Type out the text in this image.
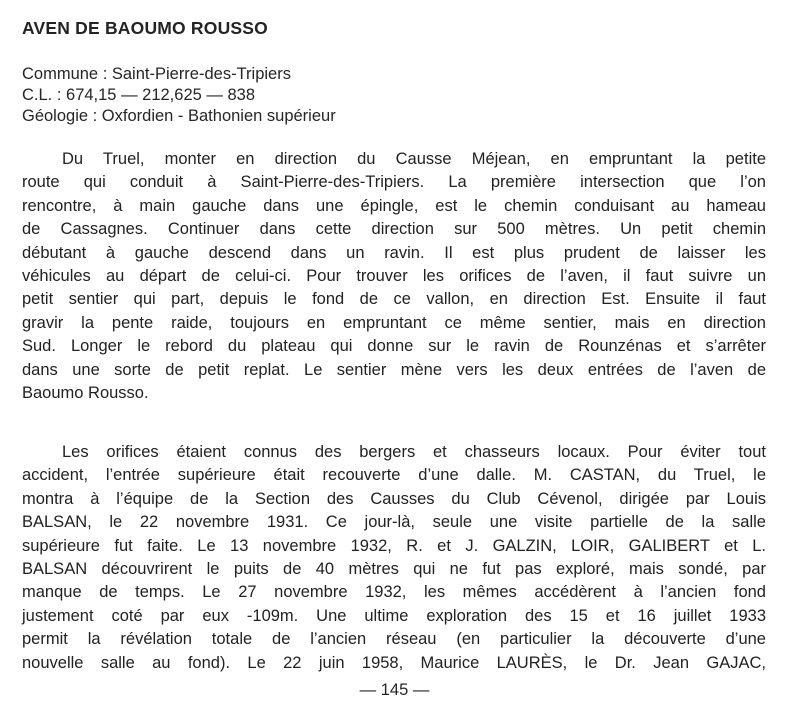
AVEN DE BAOUMO ROUSSO
Commune : Saint-Pierre-des-Tripiers
C.L. : 674,15 — 212,625 — 838
Géologie : Oxfordien - Bathonien supérieur
Du Truel, monter en direction du Causse Méjean, en empruntant la petite
route qui conduit à Saint-Pierre-des-Tripiers. La première intersection que l’on
rencontre, à main gauche dans une épingle, est le chemin conduisant au hameau
de Cassagnes. Continuer dans cette direction sur 500 mètres. Un petit chemin
débutant à gauche descend dans un ravin. Il est plus prudent de laisser les
véhicules au départ de celui-ci. Pour trouver les orifices de l’aven, il faut suivre un
petit sentier qui part, depuis le fond de ce vallon, en direction Est. Ensuite il faut
gravir la pente raide, toujours en empruntant ce même sentier, mais en direction
Sud. Longer le rebord du plateau qui donne sur le ravin de Rounzénas et s’arrêter
dans une sorte de petit replat. Le sentier mène vers les deux entrées de l’aven de
Baoumo Rousso.
Les orifices étaient connus des bergers et chasseurs locaux. Pour éviter tout
accident, l’entrée supérieure était recouverte d’une dalle. M. CASTAN, du Truel, le
montra à l’équipe de la Section des Causses du Club Cévenol, dirigée par Louis
BALSAN, le 22 novembre 1931. Ce jour-là, seule une visite partielle de la salle
supérieure fut faite. Le 13 novembre 1932, R. et J. GALZIN, LOIR, GALIBERT et L.
BALSAN découvrirent le puits de 40 mètres qui ne fut pas exploré, mais sondé, par
manque de temps. Le 27 novembre 1932, les mêmes accédèrent à l’ancien fond
justement coté par eux -109m. Une ultime exploration des 15 et 16 juillet 1933
permit la révélation totale de l’ancien réseau (en particulier la découverte d’une
nouvelle salle au fond). Le 22 juin 1958, Maurice LAURÈS, le Dr. Jean GAJAC,
— 145 —
